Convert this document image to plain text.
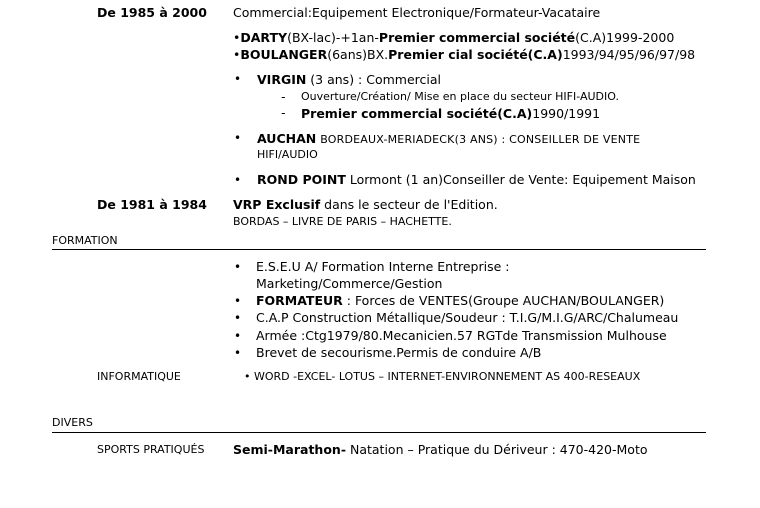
De 1985 à 2000 Commercial:Equipement Electronique/Formateur-Vacataire
•DARTY(BX-lac)-+1an-Premier commercial société(C.A)1999-2000
•BOULANGER(6ans)BX.Premier cial société(C.A)1993/94/95/96/97/98
• VIRGIN (3 ans) : Commercial
- Ouverture/Création/ Mise en place du secteur HIFI-AUDIO.
- Premier commercial société(C.A)1990/1991
• AUCHAN BORDEAUX-MERIADECK(3 ANS) : CONSEILLER DE VENTE
HIFI/AUDIO
• ROND POINT Lormont (1 an)Conseiller de Vente: Equipement Maison
De 1981 à 1984 VRP Exclusif dans le secteur de l'Edition.
BORDAS – LIVRE DE PARIS – HACHETTE.
FORMATION
• E.S.E.U A/ Formation Interne Entreprise :
Marketing/Commerce/Gestion
• FORMATEUR : Forces de VENTES(Groupe AUCHAN/BOULANGER)
• C.A.P Construction Métallique/Soudeur : T.I.G/M.I.G/ARC/Chalumeau
• Armée :Ctg1979/80.Mecanicien.57 RGTde Transmission Mulhouse
• Brevet de secourisme.Permis de conduire A/B
INFORMATIQUE	• WORD -EXCEL- LOTUS – INTERNET-ENVIRONNEMENT AS 400-RESEAUX
DIVERS
SPORTS PRATIQUÉS Semi-Marathon- Natation – Pratique du Dériveur : 470-420-Moto
